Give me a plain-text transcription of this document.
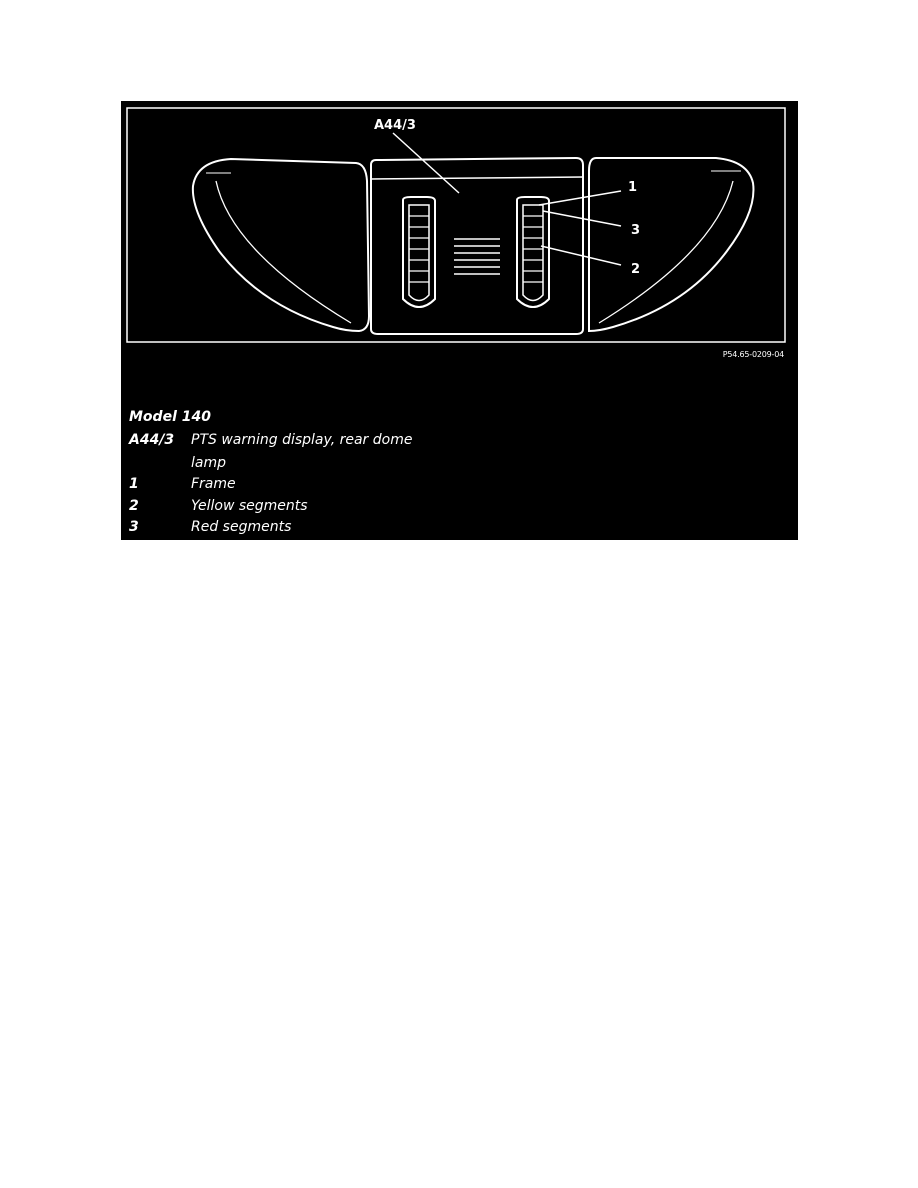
A44/3
1
3
2
P54.65-0209-04
Model 140
A44/3	PTS warning display, rear dome
lamp
1	Frame
2	Yellow segments
3	Red segments
